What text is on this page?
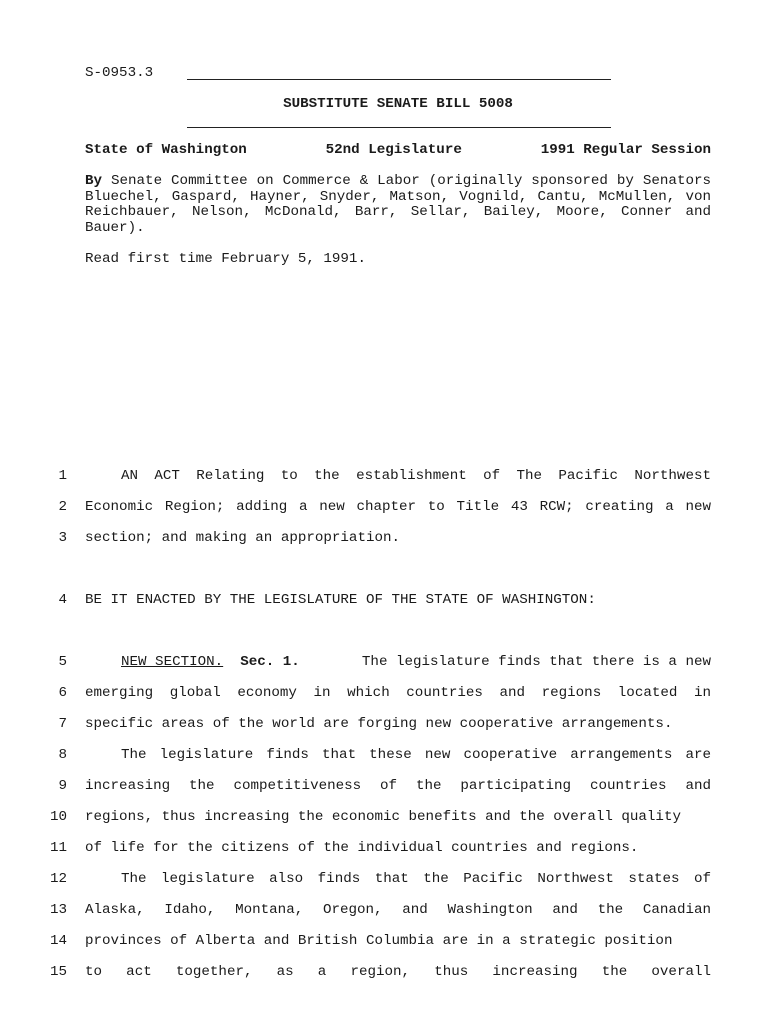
S-0953.3
SUBSTITUTE SENATE BILL 5008
State of Washington	52nd Legislature	1991 Regular Session
By Senate Committee on Commerce & Labor (originally sponsored by Senators Bluechel, Gaspard, Hayner, Snyder, Matson, Vognild, Cantu, McMullen, von Reichbauer, Nelson, McDonald, Barr, Sellar, Bailey, Moore, Conner and Bauer).
Read first time February 5, 1991.
1	AN ACT Relating to the establishment of The Pacific Northwest
2 Economic Region; adding a new chapter to Title 43 RCW; creating a new
3 section; and making an appropriation.
4 BE IT ENACTED BY THE LEGISLATURE OF THE STATE OF WASHINGTON:
5	NEW SECTION. Sec. 1.	The legislature finds that there is a new
6 emerging global economy in which countries and regions located in
7 specific areas of the world are forging new cooperative arrangements.
8	The legislature finds that these new cooperative arrangements are
9 increasing the competitiveness of the participating countries and
10 regions, thus increasing the economic benefits and the overall quality
11 of life for the citizens of the individual countries and regions.
12	The legislature also finds that the Pacific Northwest states of
13 Alaska, Idaho, Montana, Oregon, and Washington and the Canadian
14 provinces of Alberta and British Columbia are in a strategic position
15 to act together, as a region, thus increasing the overall
